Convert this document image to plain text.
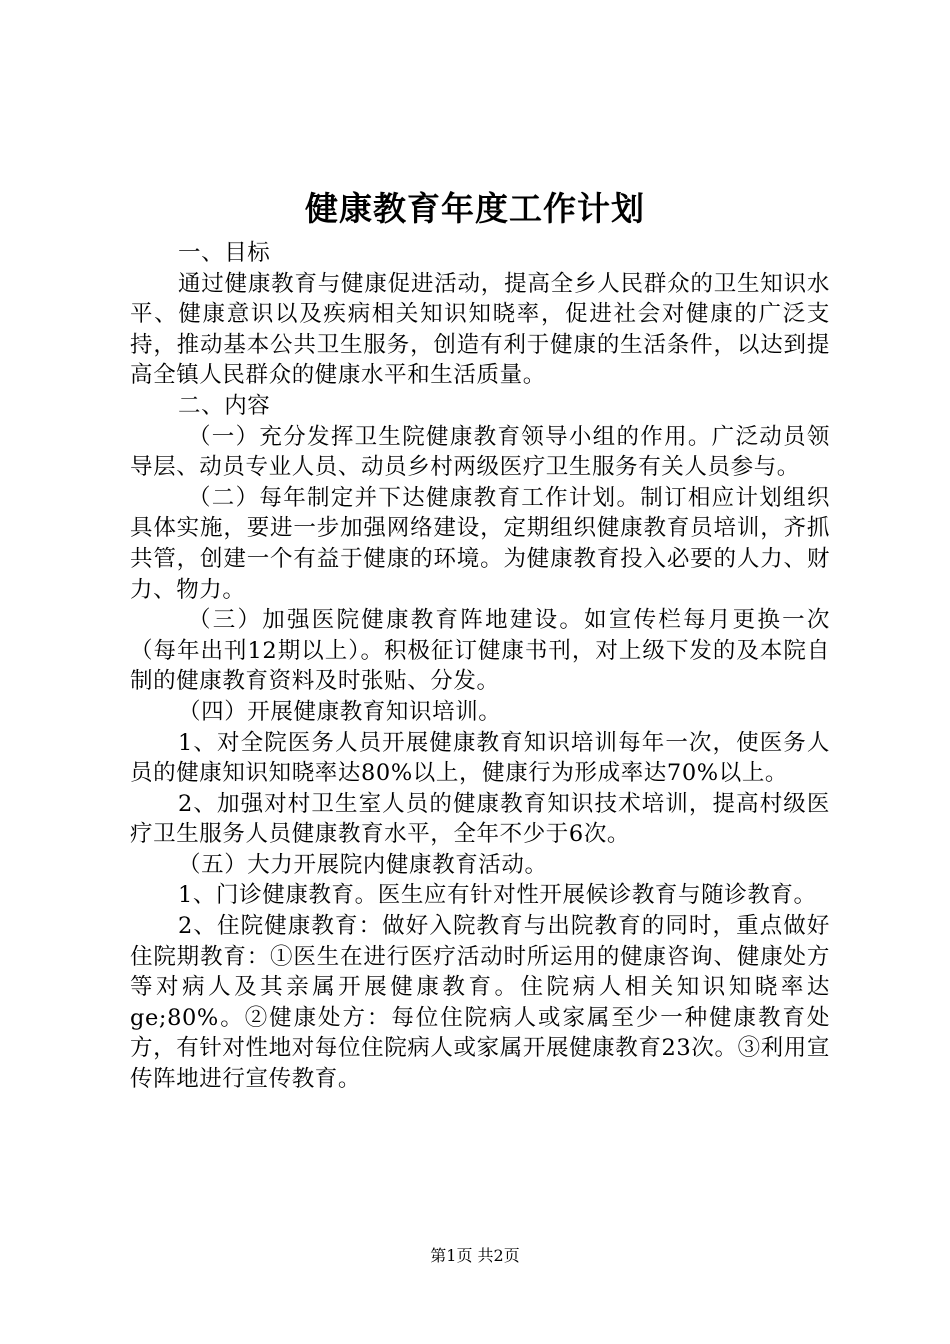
健康教育年度工作计划

一、目标

通过健康教育与健康促进活动，提高全乡人民群众的卫生知识水平、健康意识以及疾病相关知识知晓率，促进社会对健康的广泛支持，推动基本公共卫生服务，创造有利于健康的生活条件，以达到提高全镇人民群众的健康水平和生活质量。

二、内容

（一）充分发挥卫生院健康教育领导小组的作用。广泛动员领导层、动员专业人员、动员乡村两级医疗卫生服务有关人员参与。

（二）每年制定并下达健康教育工作计划。制订相应计划组织具体实施，要进一步加强网络建设，定期组织健康教育员培训，齐抓共管，创建一个有益于健康的环境。为健康教育投入必要的人力、财力、物力。

（三）加强医院健康教育阵地建设。如宣传栏每月更换一次（每年出刊12期以上）。积极征订健康书刊，对上级下发的及本院自制的健康教育资料及时张贴、分发。

（四）开展健康教育知识培训。

1、对全院医务人员开展健康教育知识培训每年一次，使医务人员的健康知识知晓率达80%以上，健康行为形成率达70%以上。

2、加强对村卫生室人员的健康教育知识技术培训，提高村级医疗卫生服务人员健康教育水平，全年不少于6次。

（五）大力开展院内健康教育活动。

1、门诊健康教育。医生应有针对性开展候诊教育与随诊教育。

2、住院健康教育：做好入院教育与出院教育的同时，重点做好住院期教育：①医生在进行医疗活动时所运用的健康咨询、健康处方等对病人及其亲属开展健康教育。住院病人相关知识知晓率达ge;80%。②健康处方：每位住院病人或家属至少一种健康教育处方，有针对性地对每位住院病人或家属开展健康教育23次。③利用宣传阵地进行宣传教育。

第1页 共2页
